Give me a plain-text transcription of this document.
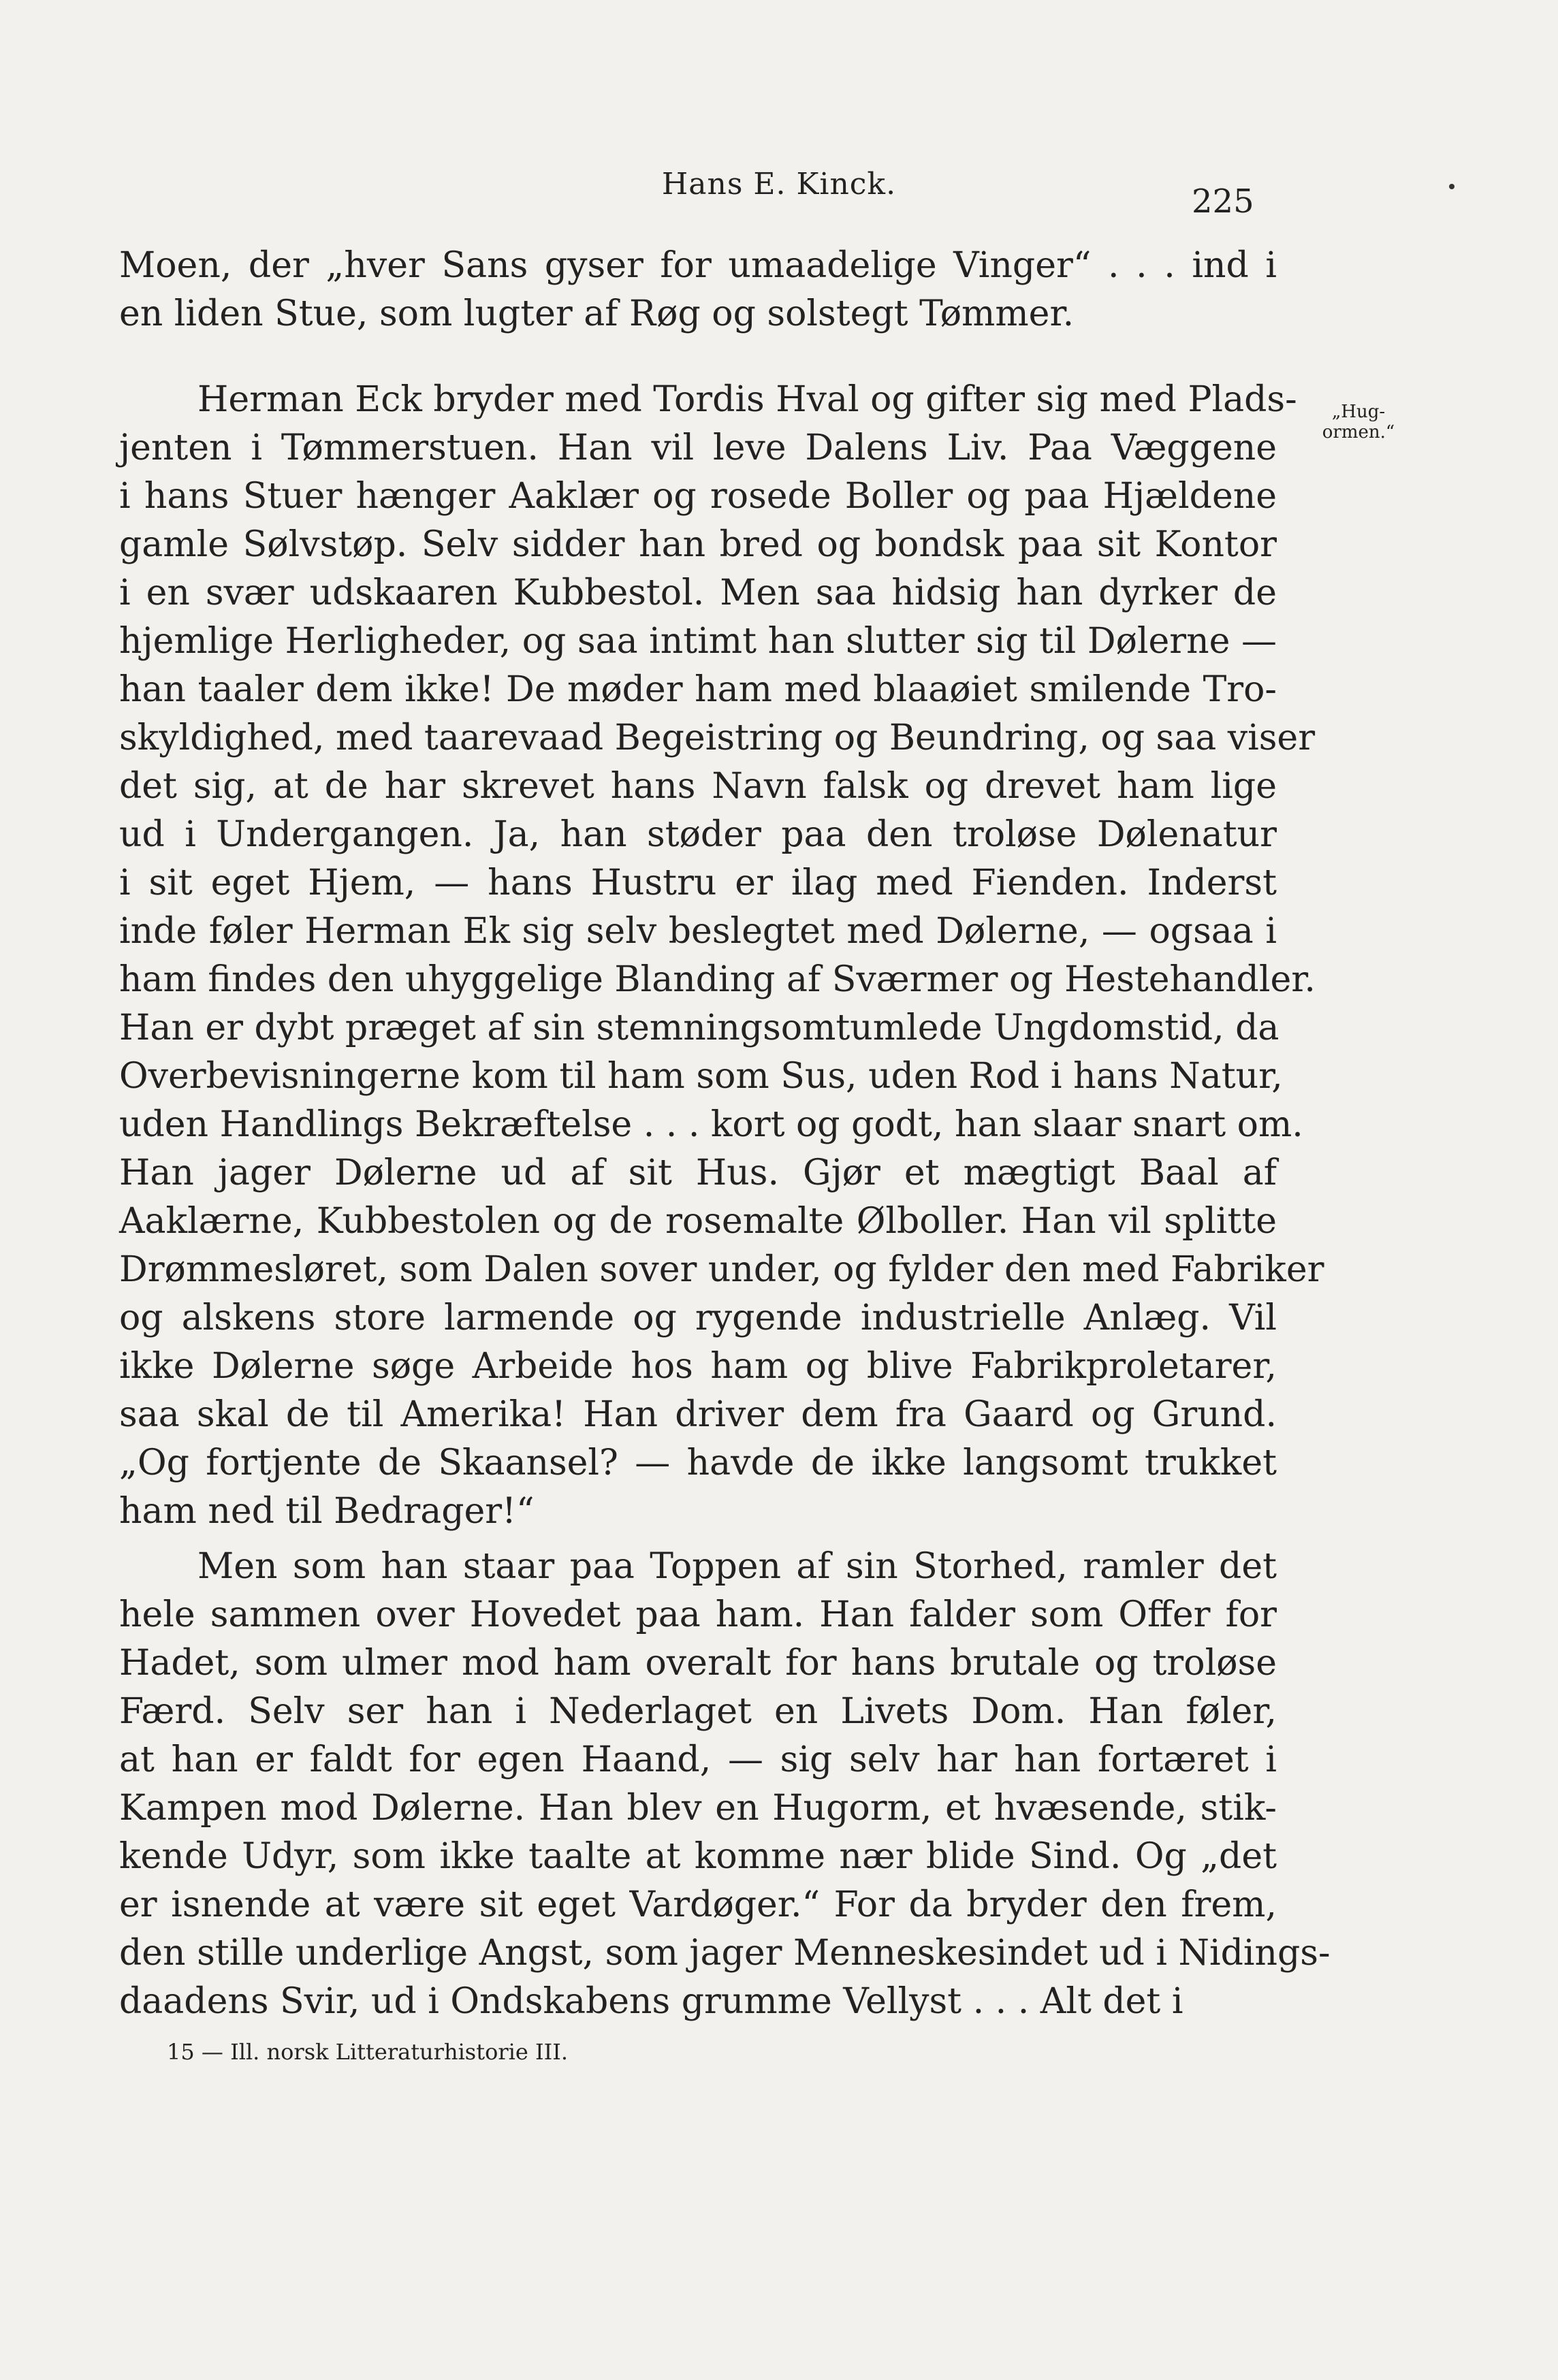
Hans E. Kinck.	225
Moen, der „hver Sans gyser for umaadelige Vinger“ . . . ind i
en liden Stue, som lugter af Røg og solstegt Tømmer.
Herman Eck bryder med Tordis Hval og gifter sig med Plads-
jenten i Tømmerstuen. Han vil leve Dalens Liv. Paa Væggene
i hans Stuer hænger Aaklær og rosede Boller og paa Hjældene
gamle Sølvstøp. Selv sidder han bred og bondsk paa sit Kontor
i en svær udskaaren Kubbestol. Men saa hidsig han dyrker de
hjemlige Herligheder, og saa intimt han slutter sig til Dølerne —
han taaler dem ikke! De møder ham med blaaøiet smilende Tro-
skyldighed, med taarevaad Begeistring og Beundring, og saa viser
det sig, at de har skrevet hans Navn falsk og drevet ham lige
ud i Undergangen. Ja, han støder paa den troløse Dølenatur
i sit eget Hjem, — hans Hustru er ilag med Fienden. Inderst
inde føler Herman Ek sig selv beslegtet med Dølerne, — ogsaa i
ham findes den uhyggelige Blanding af Sværmer og Hestehandler.
Han er dybt præget af sin stemningsomtumlede Ungdomstid, da
Overbevisningerne kom til ham som Sus, uden Rod i hans Natur,
uden Handlings Bekræftelse . . . kort og godt, han slaar snart om.
Han jager Dølerne ud af sit Hus. Gjør et mægtigt Baal af
Aaklærne, Kubbestolen og de rosemalte Ølboller. Han vil splitte
Drømmesløret, som Dalen sover under, og fylder den med Fabriker
og alskens store larmende og rygende industrielle Anlæg. Vil
ikke Dølerne søge Arbeide hos ham og blive Fabrikproletarer,
saa skal de til Amerika! Han driver dem fra Gaard og Grund.
„Og fortjente de Skaansel? — havde de ikke langsomt trukket
ham ned til Bedrager!“
Men som han staar paa Toppen af sin Storhed, ramler det
hele sammen over Hovedet paa ham. Han falder som Offer for
Hadet, som ulmer mod ham overalt for hans brutale og troløse
Færd. Selv ser han i Nederlaget en Livets Dom. Han føler,
at han er faldt for egen Haand, — sig selv har han fortæret i
Kampen mod Dølerne. Han blev en Hugorm, et hvæsende, stik-
kende Udyr, som ikke taalte at komme nær blide Sind. Og „det
er isnende at være sit eget Vardøger.“ For da bryder den frem,
den stille underlige Angst, som jager Menneskesindet ud i Nidings-
daadens Svir, ud i Ondskabens grumme Vellyst . . . Alt det i
„Hug-
ormen.“
15 — Ill. norsk Litteraturhistorie III.
